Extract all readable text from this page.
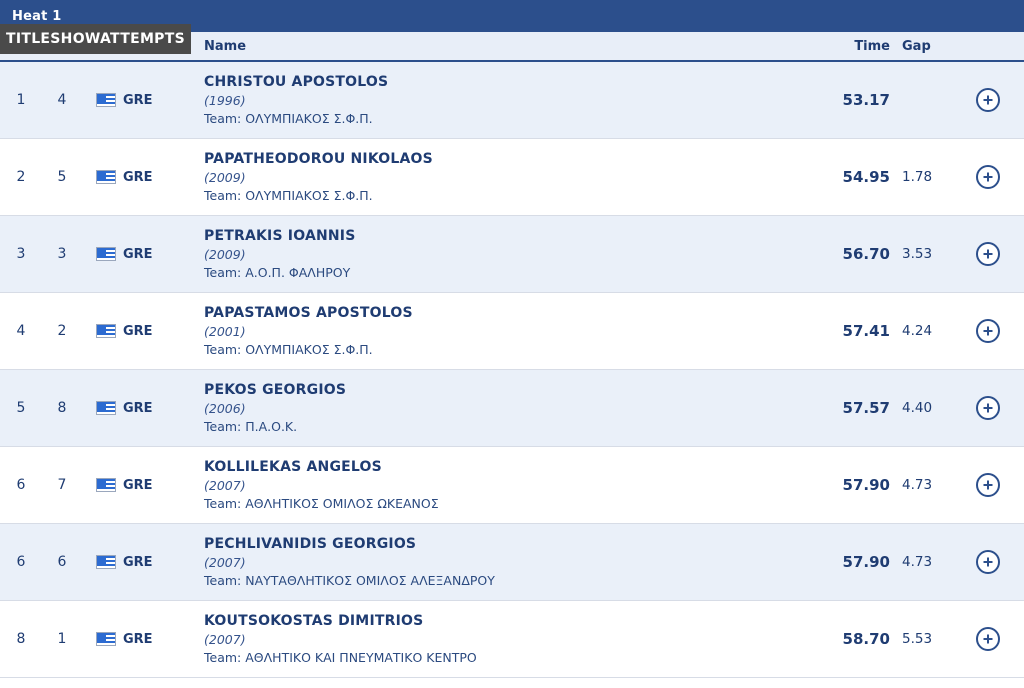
Heat 1
Name	Time Gap
TITLESHOWATTEMPTS
1	4	GRE
CHRISTOU APOSTOLOS
(1996)
Team: ΟΛΥΜΠΙΑΚΟΣ Σ.Φ.Π.
53.17
2	5	GRE
PAPATHEODOROU NIKOLAOS
(2009)
Team: ΟΛΥΜΠΙΑΚΟΣ Σ.Φ.Π.
54.95 1.78
3	3	GRE
PETRAKIS IOANNIS
(2009)
Team: Α.Ο.Π. ΦΑΛΗΡΟΥ
56.70 3.53
4	2	GRE
PAPASTAMOS APOSTOLOS
(2001)
Team: ΟΛΥΜΠΙΑΚΟΣ Σ.Φ.Π.
57.41 4.24
5	8	GRE
PEKOS GEORGIOS
(2006)
Team: Π.Α.Ο.Κ.
57.57 4.40
6	7	GRE
KOLLILEKAS ANGELOS
(2007)
Team: ΑΘΛΗΤΙΚΟΣ ΟΜΙΛΟΣ ΩΚΕΑΝΟΣ
57.90 4.73
6	6	GRE
PECHLIVANIDIS GEORGIOS
(2007)
Team: ΝΑΥΤΑΘΛΗΤΙΚΟΣ ΟΜΙΛΟΣ ΑΛΕΞΑΝΔΡΟΥ
57.90 4.73
8	1	GRE
KOUTSOKOSTAS DIMITRIOS
(2007)
Team: ΑΘΛΗΤΙΚΟ ΚΑΙ ΠΝΕΥΜΑΤΙΚΟ ΚΕΝΤΡΟ
58.70 5.53
